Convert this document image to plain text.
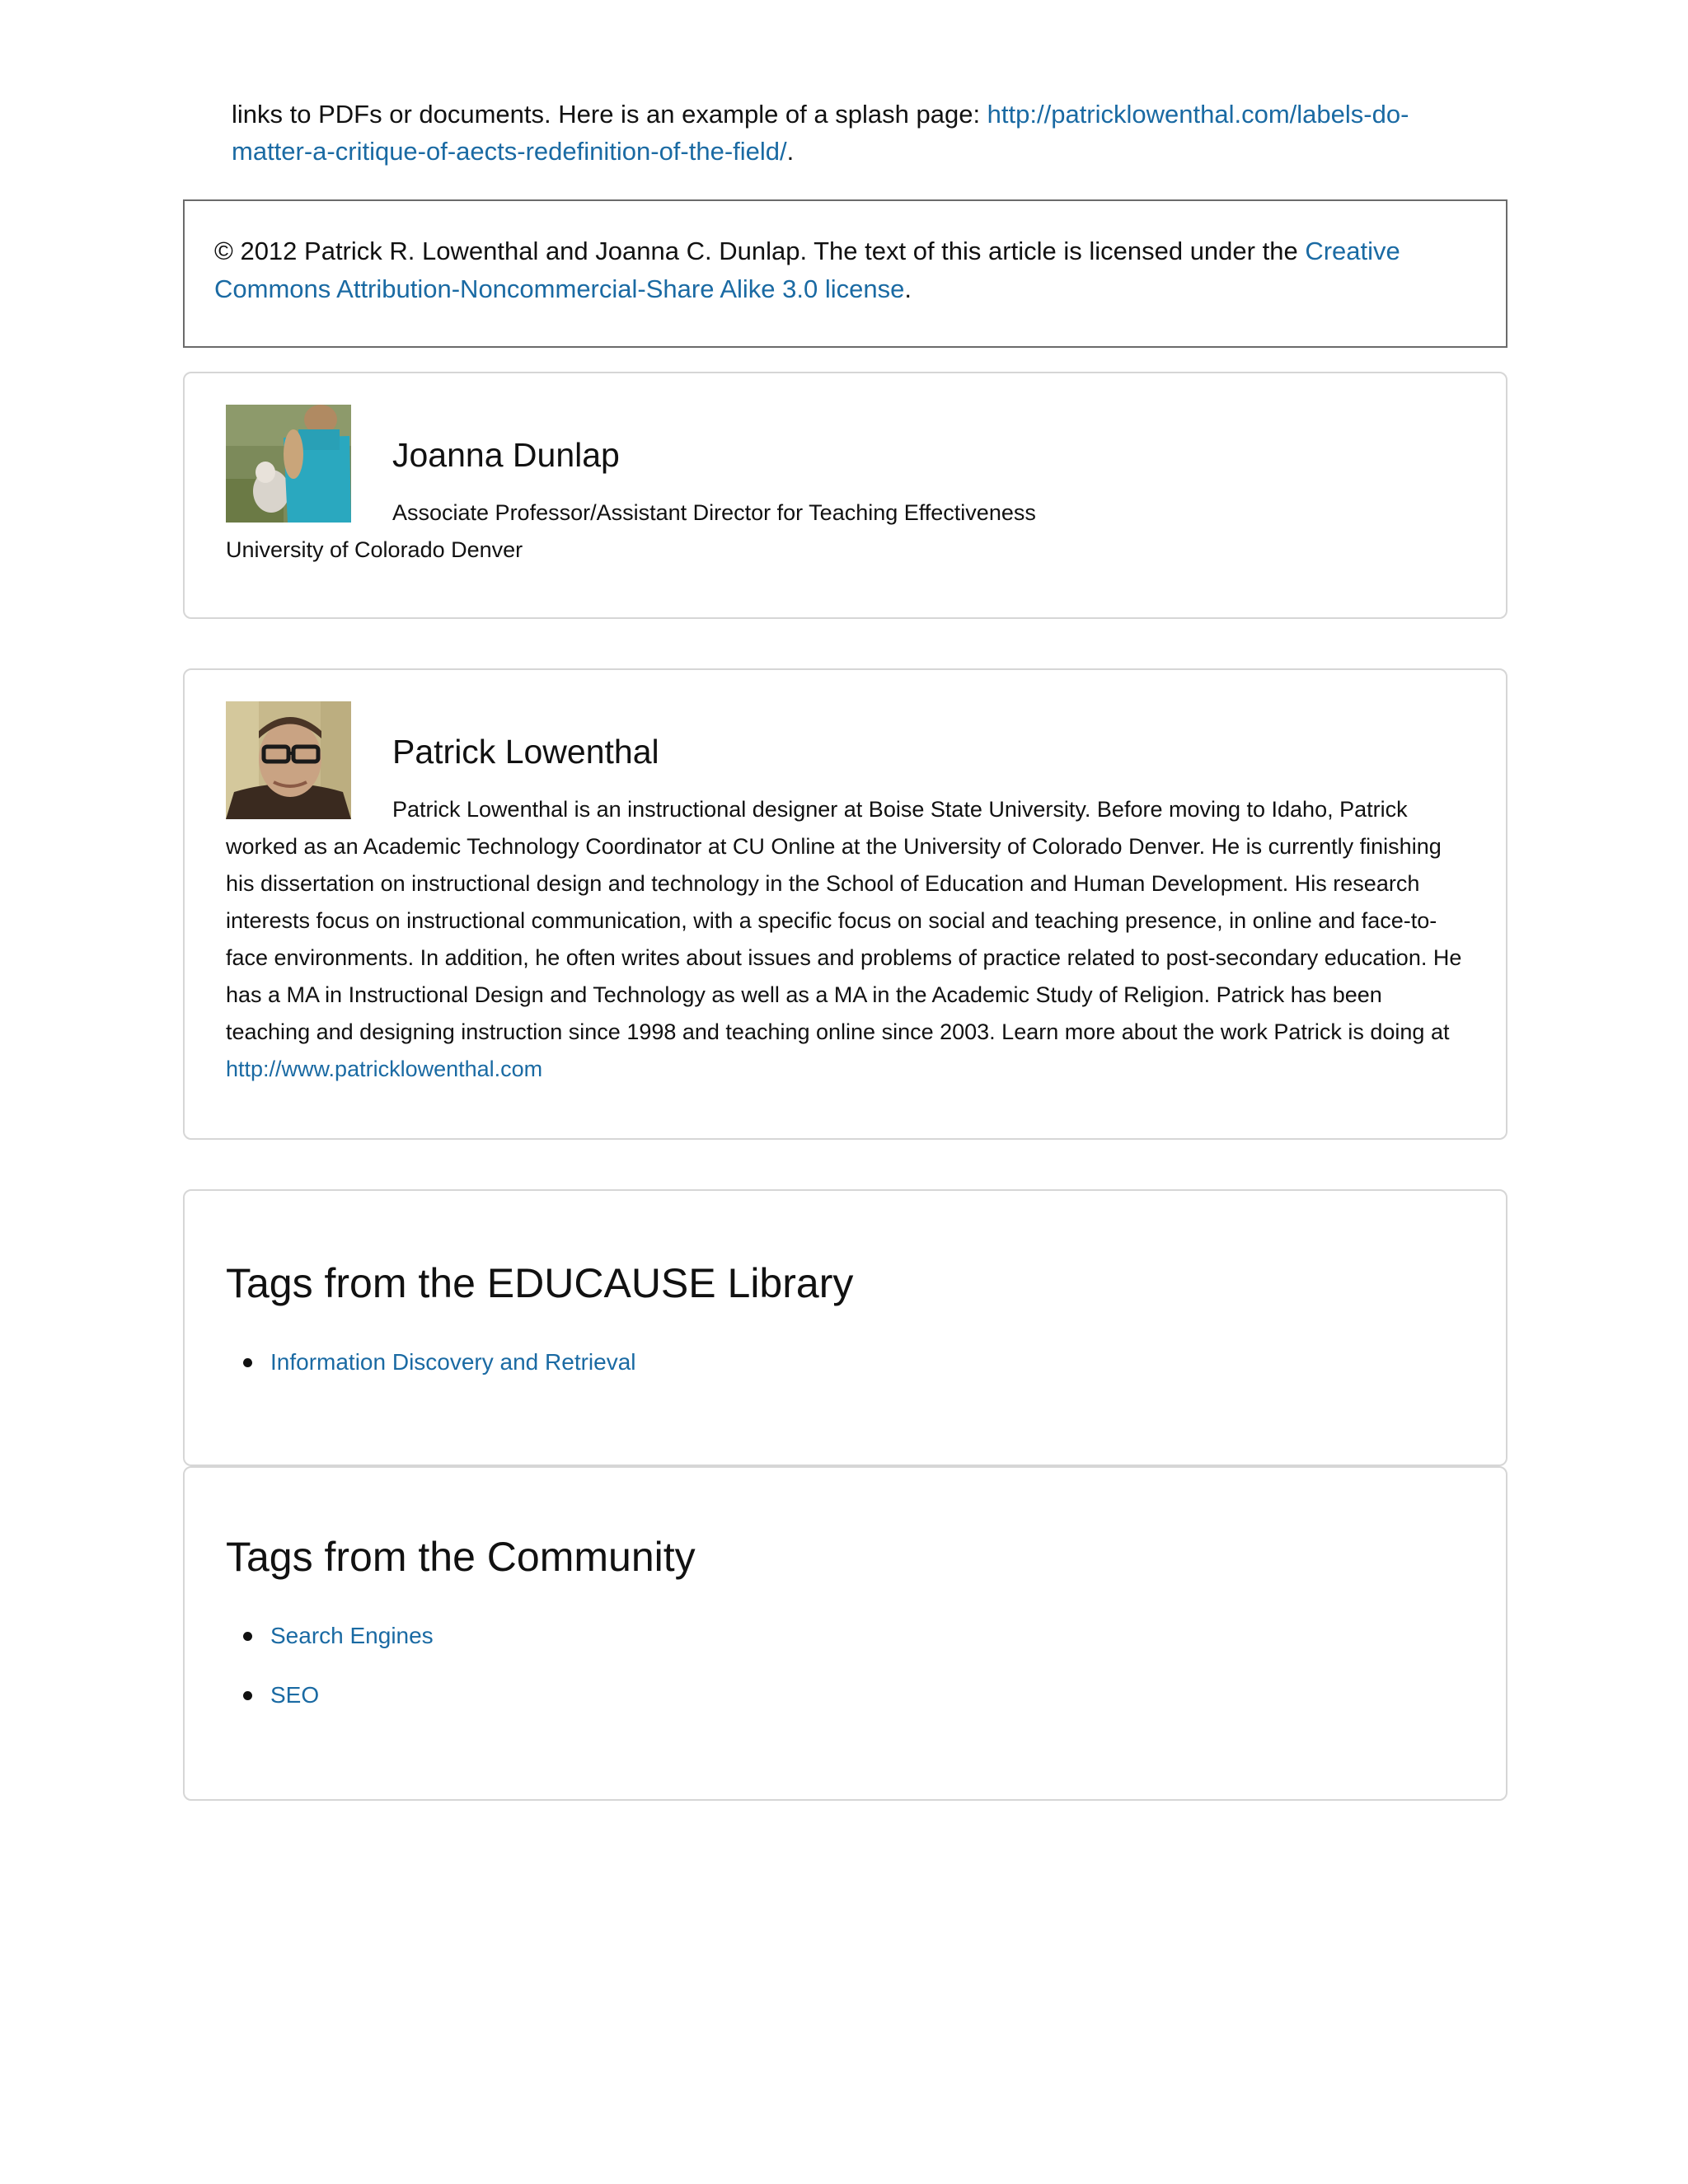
links to PDFs or documents. Here is an example of a splash page: http://patricklowenthal.com/labels-do-matter-a-critique-of-aects-redefinition-of-the-field/.
© 2012 Patrick R. Lowenthal and Joanna C. Dunlap. The text of this article is licensed under the Creative Commons Attribution-Noncommercial-Share Alike 3.0 license.
Joanna Dunlap
Associate Professor/Assistant Director for Teaching Effectiveness
University of Colorado Denver
Patrick Lowenthal
Patrick Lowenthal is an instructional designer at Boise State University. Before moving to Idaho, Patrick worked as an Academic Technology Coordinator at CU Online at the University of Colorado Denver. He is currently finishing his dissertation on instructional design and technology in the School of Education and Human Development. His research interests focus on instructional communication, with a specific focus on social and teaching presence, in online and face-to-face environments. In addition, he often writes about issues and problems of practice related to post-secondary education. He has a MA in Instructional Design and Technology as well as a MA in the Academic Study of Religion. Patrick has been teaching and designing instruction since 1998 and teaching online since 2003. Learn more about the work Patrick is doing at http://www.patricklowenthal.com
Tags from the EDUCAUSE Library
Information Discovery and Retrieval
Tags from the Community
Search Engines
SEO
